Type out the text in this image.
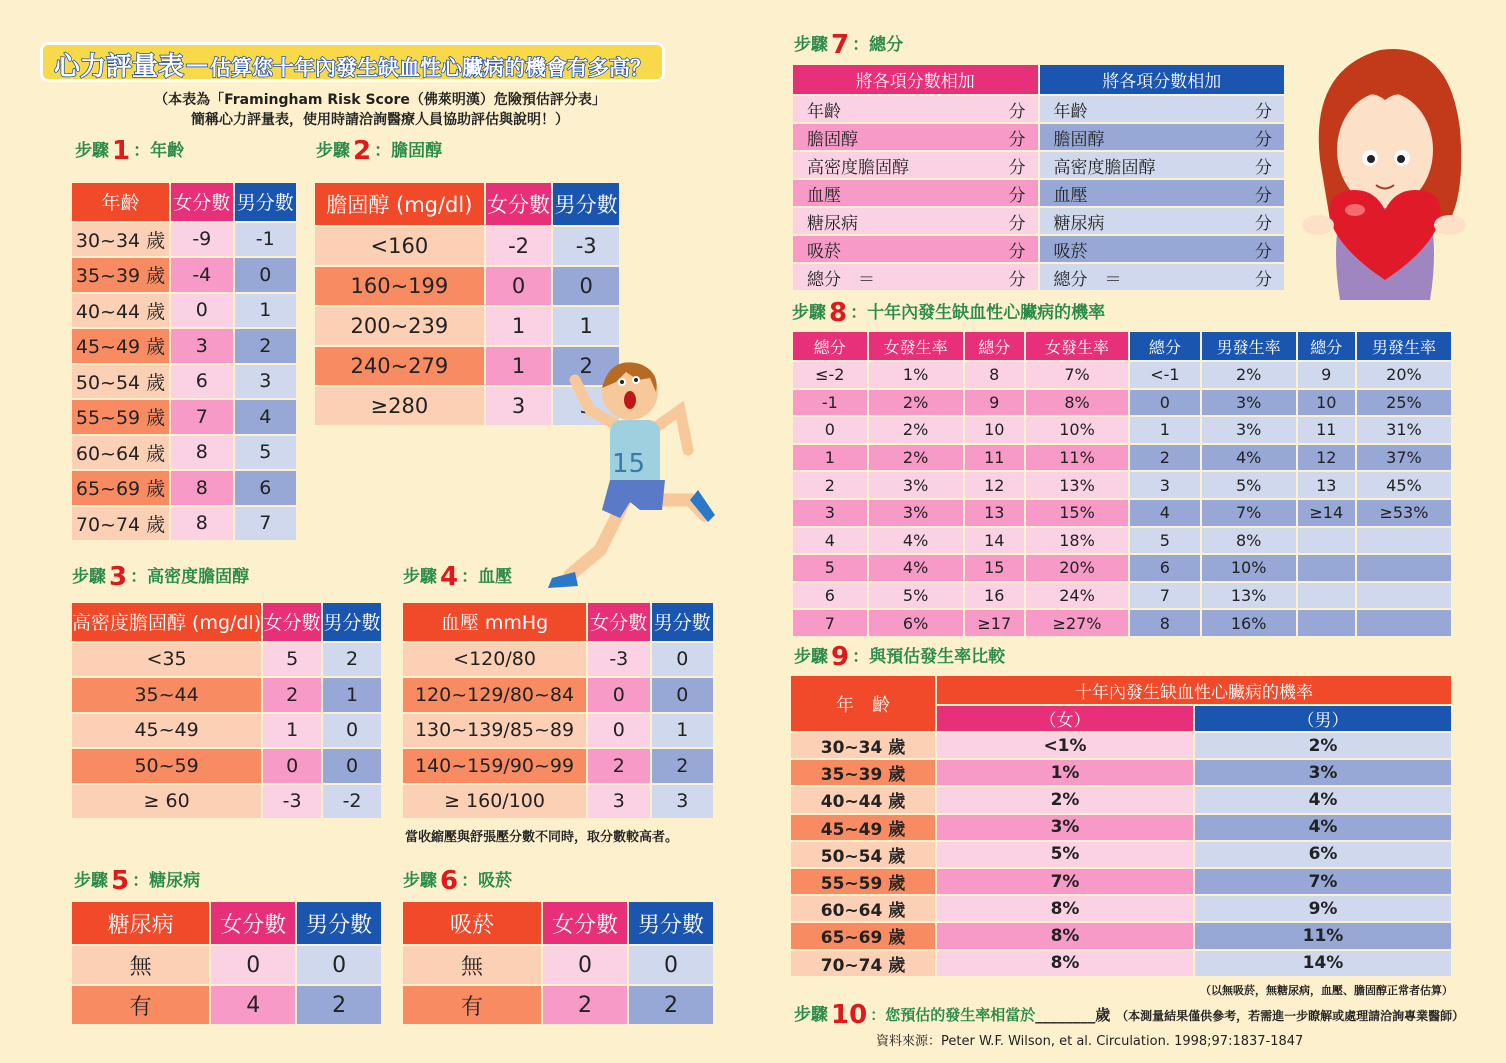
心力評量表－估算您十年內發生缺血性心臟病的機會有多高？
（本表為「Framingham Risk Score（佛萊明漢）危險預估評分表」
簡稱心力評量表，使用時請洽詢醫療人員協助評估與說明！）
步驟 1 ：年齡	步驟 2 ：膽固醇
步驟 3 ：高密度膽固醇	步驟 4 ：血壓
步驟 5 ：糖尿病	步驟 6 ：吸菸
步驟 7 ：總分
步驟 8 ：十年內發生缺血性心臟病的機率
步驟 9 ：與預估發生率比較
年齡	女分數	男分數
30~34 歲	-9	-1
35~39 歲	-4	0
40~44 歲	0	1
45~49 歲	3	2
50~54 歲	6	3
55~59 歲	7	4
60~64 歲	8	5
65~69 歲	8	6
70~74 歲	8	7
膽固醇 (mg/dl)	女分數	男分數
<160	-2	-3
160~199	0	0
200~239	1	1
240~279	1	2
≥280	3	3
高密度膽固醇 (mg/dl)	女分數	男分數
<35	5	2
35~44	2	1
45~49	1	0
50~59	0	0
≥ 60	-3	-2
血壓 mmHg	女分數	男分數
<120/80	-3	0
120~129/80~84	0	0
130~139/85~89	0	1
140~159/90~99	2	2
≥ 160/100	3	3
當收縮壓與舒張壓分數不同時，取分數較高者。
糖尿病	女分數	男分數
無	0	0
有	4	2
吸菸	女分數	男分數
無	0	0
有	2	2
將各項分數相加	將各項分數相加
年齡 分	年齡 分

膽固醇 分	膽固醇 分

高密度膽固醇 分	高密度膽固醇 分

血壓 分	血壓 分

糖尿病 分	糖尿病 分

吸菸 分	吸菸 分

總分　＝ 分	總分　＝ 分
總分	女發生率	總分	女發生率	總分	男發生率	總分	男發生率
≤-2	1%	8	7%	<-1	2%	9	20%
-1	2%	9	8%	0	3%	10	25%
0	2%	10	10%	1	3%	11	31%
1	2%	11	11%	2	4%	12	37%
2	3%	12	13%	3	5%	13	45%
3	3%	13	15%	4	7%	≥14	≥53%
4	4%	14	18%	5	8%		
5	4%	15	20%	6	10%		
6	5%	16	24%	7	13%		
7	6%	≥17	≥27%	8	16%		
年　齡	十年內發生缺血性心臟病的機率	
	（女）	（男）
30~34 歲	<1%	2%
35~39 歲	1%	3%
40~44 歲	2%	4%
45~49 歲	3%	4%
50~54 歲	5%	6%
55~59 歲	7%	7%
60~64 歲	8%	9%
65~69 歲	8%	11%
70~74 歲	8%	14%
（以無吸菸，無糖尿病，血壓、膽固醇正常者估算）
步驟 10 ：您預估的發生率相當於________歲 （本測量結果僅供參考，若需進一步瞭解或處理請洽詢專業醫師）
資料來源：Peter W.F. Wilson, et al. Circulation. 1998;97:1837-1847
15
